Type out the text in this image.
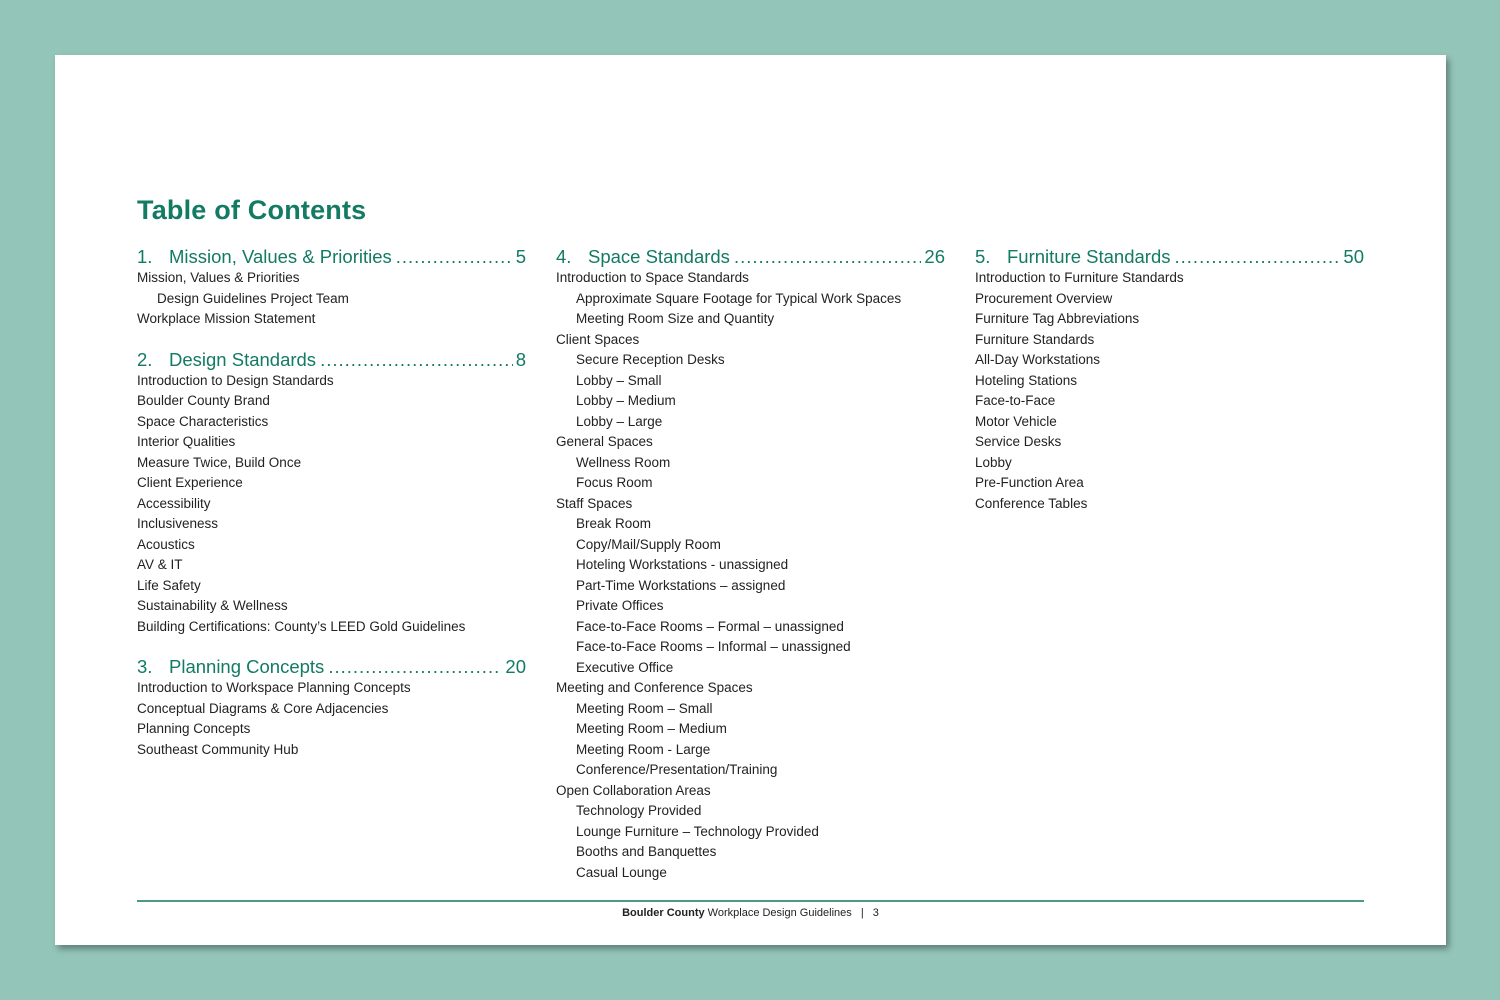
Table of Contents
1. Mission, Values & Priorities .....	5
Mission, Values & Priorities
Design Guidelines Project Team
Workplace Mission Statement
2. Design Standards .....	8
Introduction to Design Standards
Boulder County Brand
Space Characteristics
Interior Qualities
Measure Twice, Build Once
Client Experience
Accessibility
Inclusiveness
Acoustics
AV & IT
Life Safety
Sustainability & Wellness
Building Certifications: County’s LEED Gold Guidelines
3. Planning Concepts .....	20
Introduction to Workspace Planning Concepts
Conceptual Diagrams & Core Adjacencies
Planning Concepts
Southeast Community Hub
4. Space Standards .....	26
Introduction to Space Standards
Approximate Square Footage for Typical Work Spaces
Meeting Room Size and Quantity
Client Spaces
Secure Reception Desks
Lobby – Small
Lobby – Medium
Lobby – Large
General Spaces
Wellness Room
Focus Room
Staff Spaces
Break Room
Copy/Mail/Supply Room
Hoteling Workstations - unassigned
Part-Time Workstations – assigned
Private Offices
Face-to-Face Rooms – Formal – unassigned
Face-to-Face Rooms – Informal – unassigned
Executive Office
Meeting and Conference Spaces
Meeting Room – Small
Meeting Room – Medium
Meeting Room - Large
Conference/Presentation/Training
Open Collaboration Areas
Technology Provided
Lounge Furniture – Technology Provided
Booths and Banquettes
Casual Lounge
5. Furniture Standards .....	50
Introduction to Furniture Standards
Procurement Overview
Furniture Tag Abbreviations
Furniture Standards
All-Day Workstations
Hoteling Stations
Face-to-Face
Motor Vehicle
Service Desks
Lobby
Pre-Function Area
Conference Tables
Boulder County Workplace Design Guidelines | 3
